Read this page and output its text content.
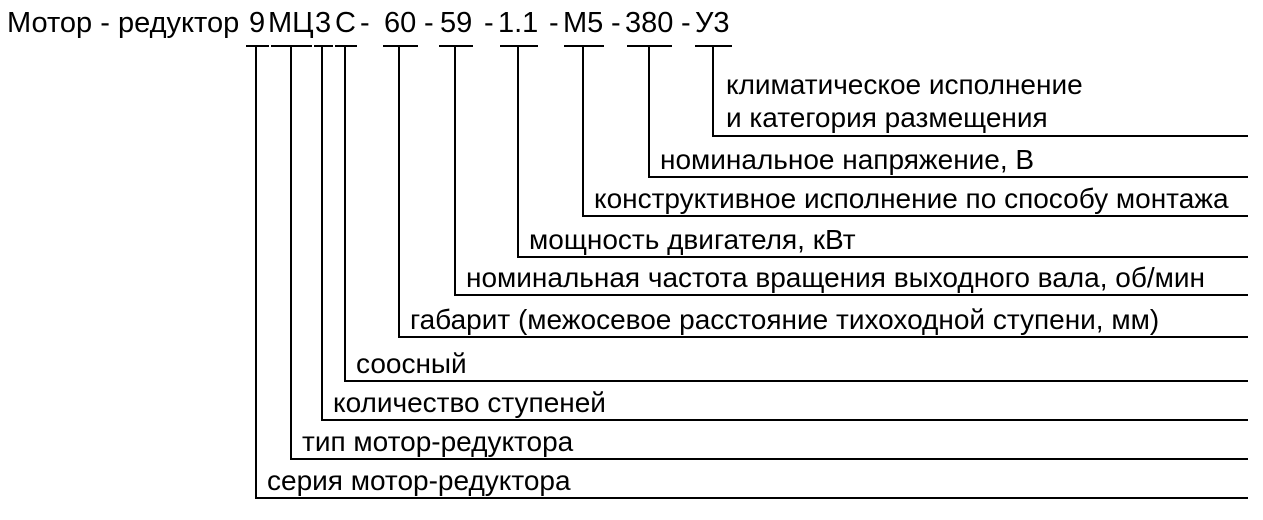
Мотор - редуктор 9 МЦ 3 С - 60 - 59 - 1.1 - М5 - 380 - У3
серия мотор-редуктора
тип мотор-редуктора
количество ступеней
соосный
габарит (межосевое расстояние тихоходной ступени, мм)
номинальная частота вращения выходного вала, об/мин
мощность двигателя, кВт
конструктивное исполнение по способу монтажа
номинальное напряжение, В
климатическое исполнение
и категория размещения
